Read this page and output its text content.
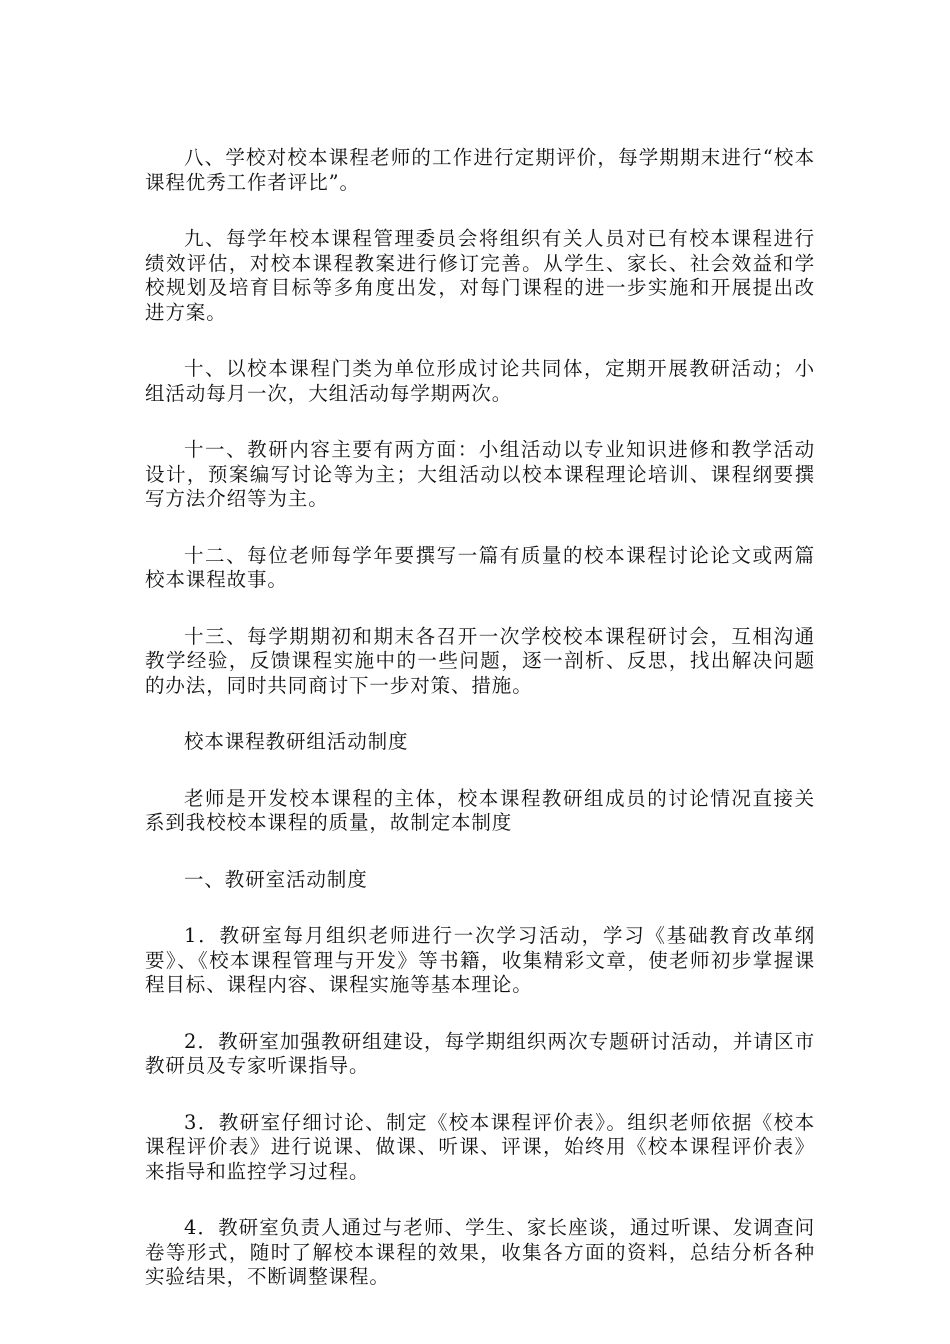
八、学校对校本课程老师的工作进行定期评价，每学期期末进行“校本课程优秀工作者评比”。

九、每学年校本课程管理委员会将组织有关人员对已有校本课程进行绩效评估，对校本课程教案进行修订完善。从学生、家长、社会效益和学校规划及培育目标等多角度出发，对每门课程的进一步实施和开展提出改进方案。

十、以校本课程门类为单位形成讨论共同体，定期开展教研活动；小组活动每月一次，大组活动每学期两次。

十一、教研内容主要有两方面：小组活动以专业知识进修和教学活动设计，预案编写讨论等为主；大组活动以校本课程理论培训、课程纲要撰写方法介绍等为主。

十二、每位老师每学年要撰写一篇有质量的校本课程讨论论文或两篇校本课程故事。

十三、每学期期初和期末各召开一次学校校本课程研讨会，互相沟通教学经验，反馈课程实施中的一些问题，逐一剖析、反思，找出解决问题的办法，同时共同商讨下一步对策、措施。

校本课程教研组活动制度

老师是开发校本课程的主体，校本课程教研组成员的讨论情况直接关系到我校校本课程的质量，故制定本制度

一、教研室活动制度

1．教研室每月组织老师进行一次学习活动，学习《基础教育改革纲要》、《校本课程管理与开发》等书籍，收集精彩文章，使老师初步掌握课程目标、课程内容、课程实施等基本理论。

2．教研室加强教研组建设，每学期组织两次专题研讨活动，并请区市教研员及专家听课指导。

3．教研室仔细讨论、制定《校本课程评价表》。组织老师依据《校本课程评价表》进行说课、做课、听课、评课，始终用《校本课程评价表》来指导和监控学习过程。

4．教研室负责人通过与老师、学生、家长座谈，通过听课、发调查问卷等形式，随时了解校本课程的效果，收集各方面的资料，总结分析各种实验结果，不断调整课程。
